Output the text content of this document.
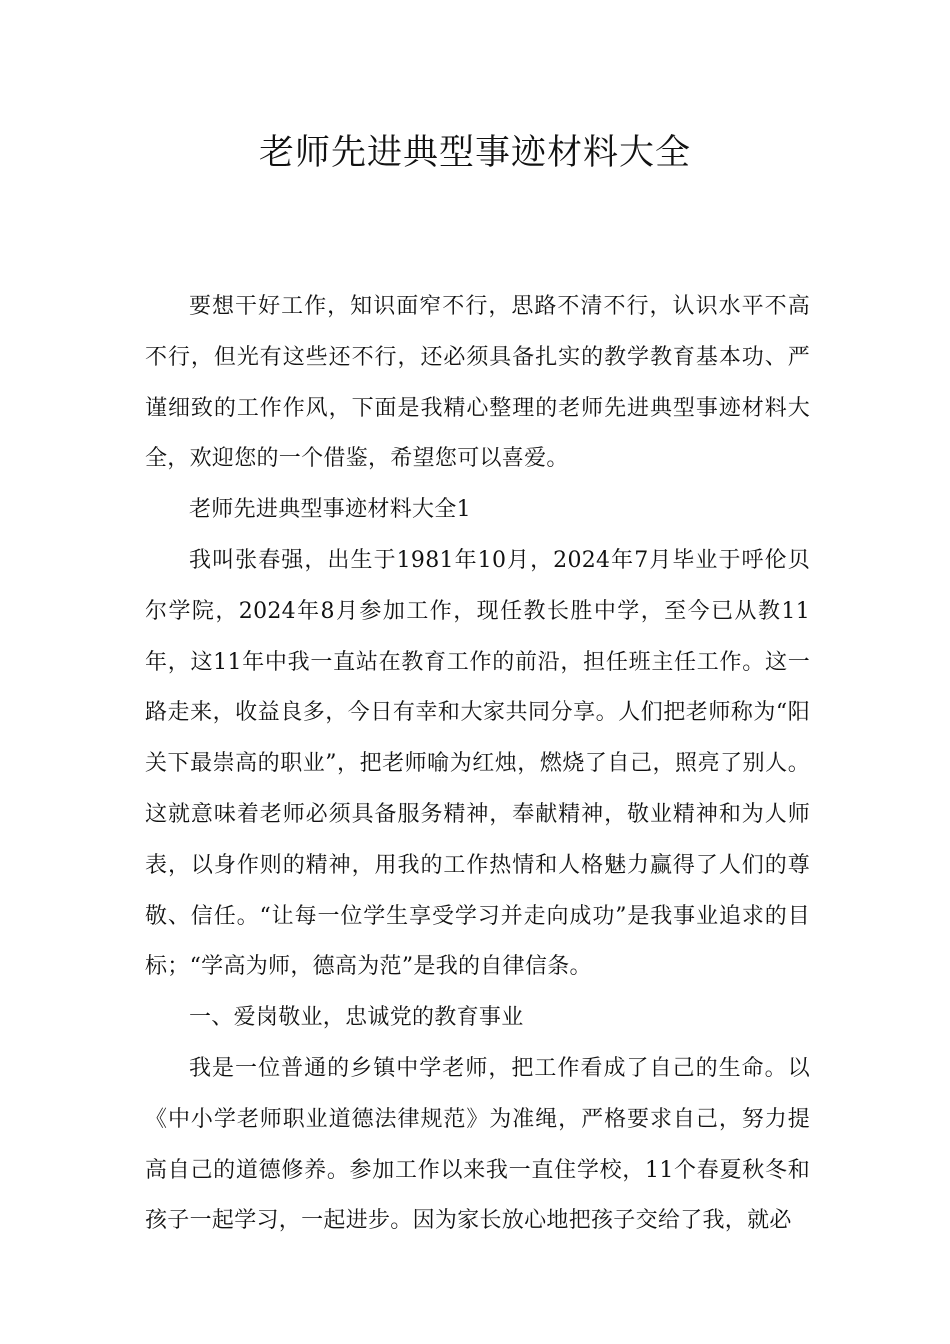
老师先进典型事迹材料大全

要想干好工作，知识面窄不行，思路不清不行，认识水平不高不行，但光有这些还不行，还必须具备扎实的教学教育基本功、严谨细致的工作作风，下面是我精心整理的老师先进典型事迹材料大全，欢迎您的一个借鉴，希望您可以喜爱。

老师先进典型事迹材料大全1

我叫张春强，出生于1981年10月，2024年7月毕业于呼伦贝尔学院，2024年8月参加工作，现任教长胜中学，至今已从教11年，这11年中我一直站在教育工作的前沿，担任班主任工作。这一路走来，收益良多，今日有幸和大家共同分享。人们把老师称为“阳关下最崇高的职业”，把老师喻为红烛，燃烧了自己，照亮了别人。这就意味着老师必须具备服务精神，奉献精神，敬业精神和为人师表，以身作则的精神，用我的工作热情和人格魅力赢得了人们的尊敬、信任。“让每一位学生享受学习并走向成功”是我事业追求的目标；“学高为师，德高为范”是我的自律信条。

一、爱岗敬业，忠诚党的教育事业

我是一位普通的乡镇中学老师，把工作看成了自己的生命。以《中小学老师职业道德法律规范》为准绳，严格要求自己，努力提高自己的道德修养。参加工作以来我一直住学校，11个春夏秋冬和孩子一起学习，一起进步。因为家长放心地把孩子交给了我，就必
